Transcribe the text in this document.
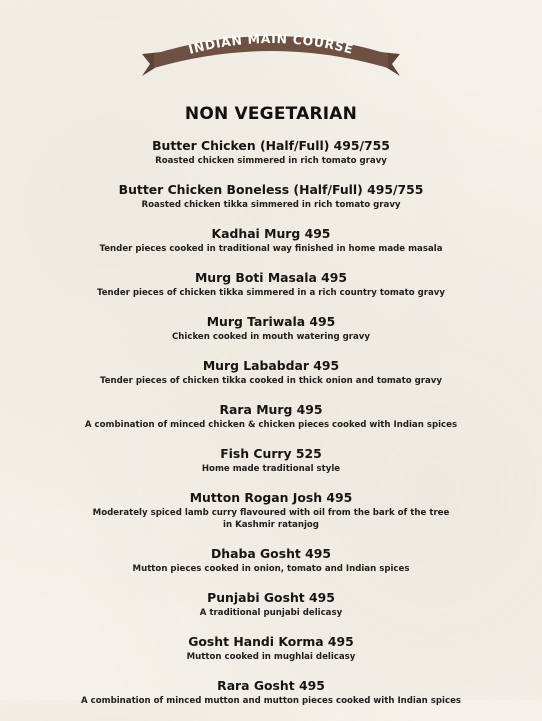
INDIAN MAIN COURSE
NON VEGETARIAN
Butter Chicken (Half/Full) 495/755
Roasted chicken simmered in rich tomato gravy
Butter Chicken Boneless (Half/Full) 495/755
Roasted chicken tikka simmered in rich tomato gravy
Kadhai Murg 495
Tender pieces cooked in traditional way finished in home made masala
Murg Boti Masala 495
Tender pieces of chicken tikka simmered in a rich country tomato gravy
Murg Tariwala 495
Chicken cooked in mouth watering gravy
Murg Lababdar 495
Tender pieces of chicken tikka cooked in thick onion and tomato gravy
Rara Murg 495
A combination of minced chicken & chicken pieces cooked with Indian spices
Fish Curry 525
Home made traditional style
Mutton Rogan Josh 495
Moderately spiced lamb curry flavoured with oil from the bark of the tree
in Kashmir ratanjog
Dhaba Gosht 495
Mutton pieces cooked in onion, tomato and Indian spices
Punjabi Gosht 495
A traditional punjabi delicasy
Gosht Handi Korma 495
Mutton cooked in mughlai delicasy
Rara Gosht 495
A combination of minced mutton and mutton pieces cooked with Indian spices
